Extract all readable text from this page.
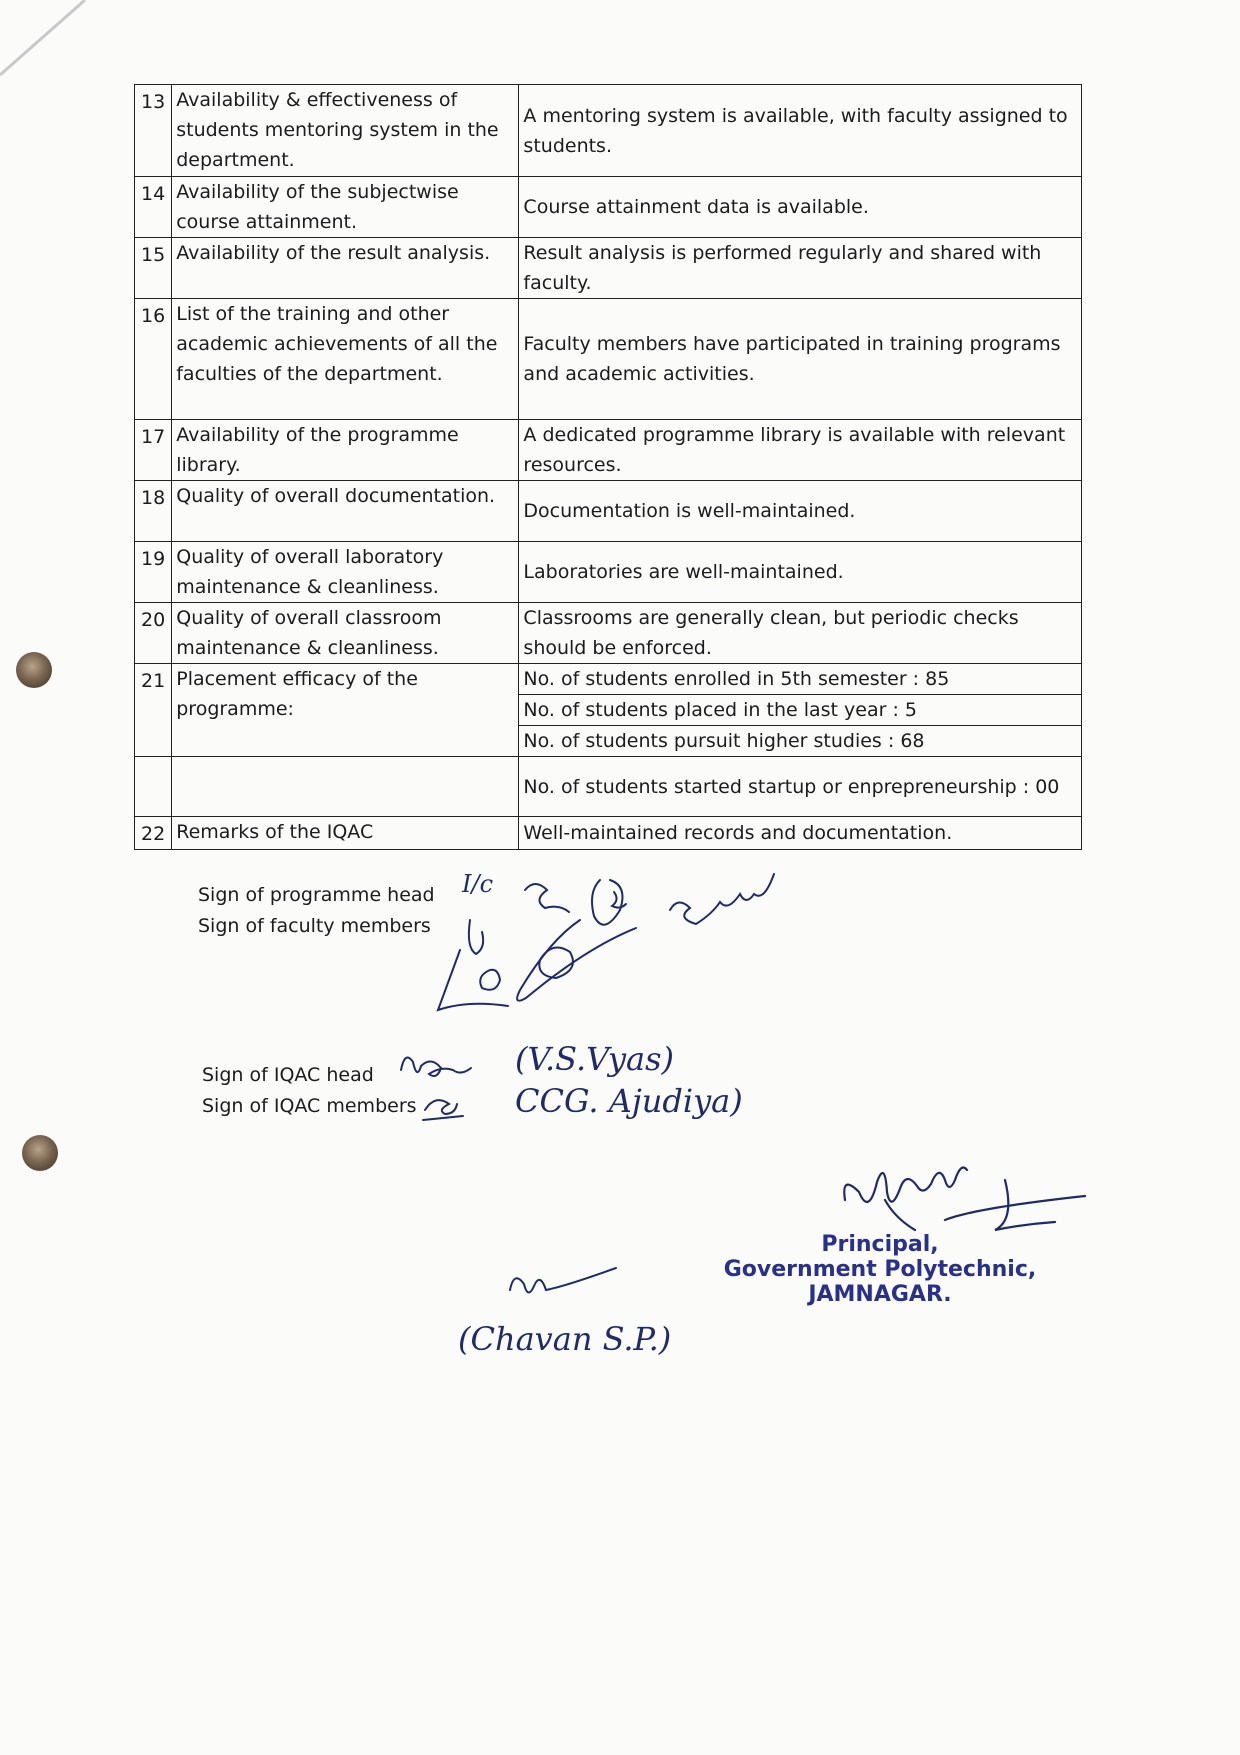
13	Availability & effectiveness of students mentoring system in the department.	A mentoring system is available, with faculty assigned to students.
14	Availability of the subjectwise course attainment.	Course attainment data is available.
15	Availability of the result analysis.	Result analysis is performed regularly and shared with faculty.
16	List of the training and other academic achievements of all the faculties of the department.	Faculty members have participated in training programs and academic activities.
17	Availability of the programme library.	A dedicated programme library is available with relevant resources.
18	Quality of overall documentation.	Documentation is well-maintained.
19	Quality of overall laboratory maintenance & cleanliness.	Laboratories are well-maintained.
20	Quality of overall classroom maintenance & cleanliness.	Classrooms are generally clean, but periodic checks should be enforced.
21	Placement efficacy of the programme:	No. of students enrolled in 5th semester : 85
		No. of students placed in the last year : 5
		No. of students pursuit higher studies : 68
		No. of students started startup or enprepreneurship : 00
22	Remarks of the IQAC	Well-maintained records and documentation.
Sign of programme head
Sign of faculty members
Sign of IQAC head
Sign of IQAC members
I/c
(V.S.Vyas)
CCG. Ajudiya)
(Chavan S.P.)
Principal,
Government Polytechnic,
JAMNAGAR.
